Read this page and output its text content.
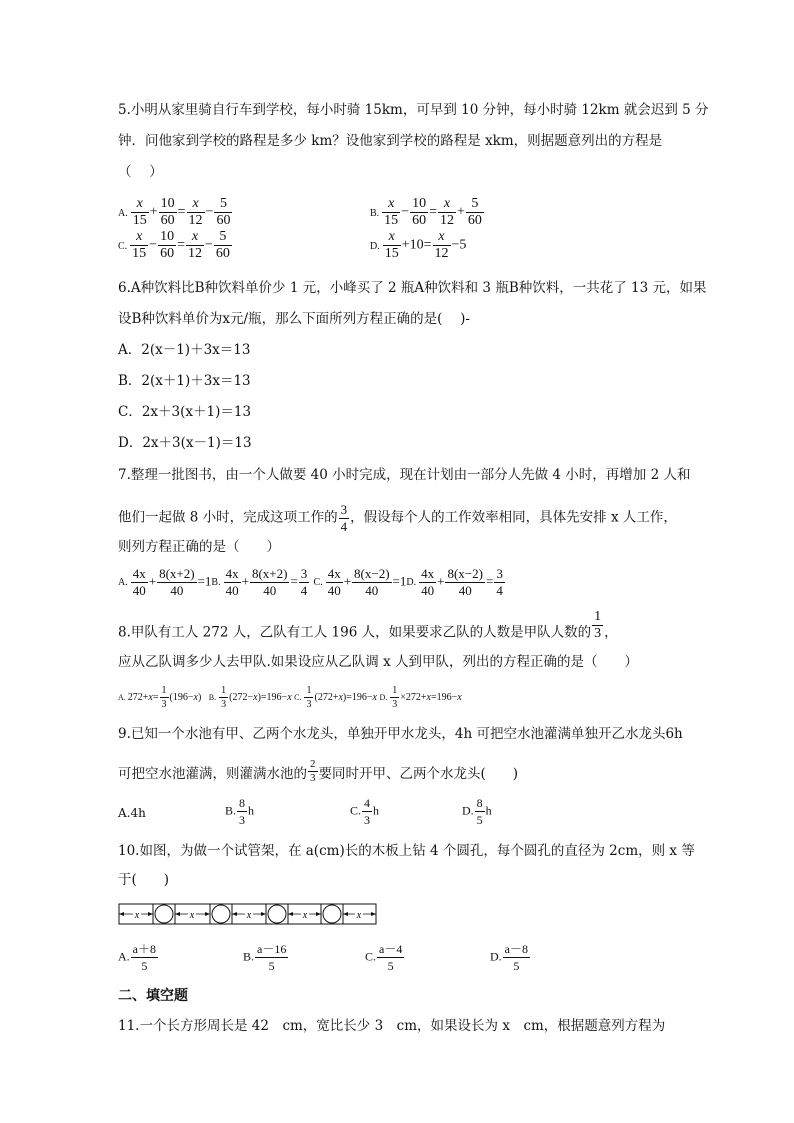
5.小明从家里骑自行车到学校，每小时骑 15km，可早到 10 分钟，每小时骑 12km 就会迟到 5 分
钟．问他家到学校的路程是多少 km？设他家到学校的路程是 xkm，则据题意列出的方程是
（　 ）
A. $\frac{x}{15} + \frac{10}{60} = \frac{x}{12} - \frac{5}{60}$	B. $\frac{x}{15} - \frac{10}{60} = \frac{x}{12} + \frac{5}{60}$
C. $\frac{x}{15} - \frac{10}{60} = \frac{x}{12} - \frac{5}{60}$	D. $\frac{x}{15} +10= \frac{x}{12} -5$
6.A种饮料比B种饮料单价少 1 元，小峰买了 2 瓶A种饮料和 3 瓶B种饮料，一共花了 13 元，如果
设B种饮料单价为x元/瓶，那么下面所列方程正确的是(　 )-
A．2(x－1)＋3x＝13
B．2(x＋1)＋3x＝13
C．2x＋3(x＋1)＝13
D．2x＋3(x－1)＝13
7.整理一批图书，由一个人做要 40 小时完成，现在计划由一部分人先做 4 小时，再增加 2 人和
他们一起做 8 小时，完成这项工作的 $\frac{3}{4}$ ，假设每个人的工作效率相同，具体先安排 x 人工作，
则列方程正确的是（　　）
A. $\frac{4x}{40} + \frac{8(x+2)}{40} =1B$. $\frac{4x}{40} + \frac{8(x+2)}{40} = \frac{3}{4} C$. $\frac{4x}{40} + \frac{8(x-2)}{40} =1D$. $\frac{4x}{40} + \frac{8(x-2)}{40} = \frac{3}{4}$
8.甲队有工人 272 人，乙队有工人 196 人，如果要求乙队的人数是甲队人数的 $\frac{1}{3}$ ，
应从乙队调多少人去甲队.如果设应从乙队调 x 人到甲队，列出的方程正确的是（　　）
A. $272+x= \frac{1}{3} (196-x)$   B. $\frac{1}{3} (272-x)=196-x$ C. $\frac{1}{3} (272+x)=196-x$ D. $\frac{1}{3} \times 272+x=196-x$
9.已知一个水池有甲、乙两个水龙头，单独开甲水龙头，4h 可把空水池灌满单独开乙水龙头6h
可把空水池灌满，则灌满水池的 $^{\frac{2}{3}}$ 要同时开甲、乙两个水龙头(　　)
A.4h	B. $\frac{8}{3}$ h	C. $\frac{4}{3}$ h	D. $\frac{8}{5}$ h
10.如图，为做一个试管架，在 a(cm)长的木板上钻 4 个圆孔，每个圆孔的直径为 2cm，则 x 等
于(　　)
x	x	x	x	x
A. $\frac{a+8}{5}$	B. $\frac{a-16}{5}$	C. $\frac{a-4}{5}$	D. $\frac{a-8}{5}$
二、填空题
11.一个长方形周长是 42　cm，宽比长少 3　cm，如果设长为 x　cm，根据题意列方程为
